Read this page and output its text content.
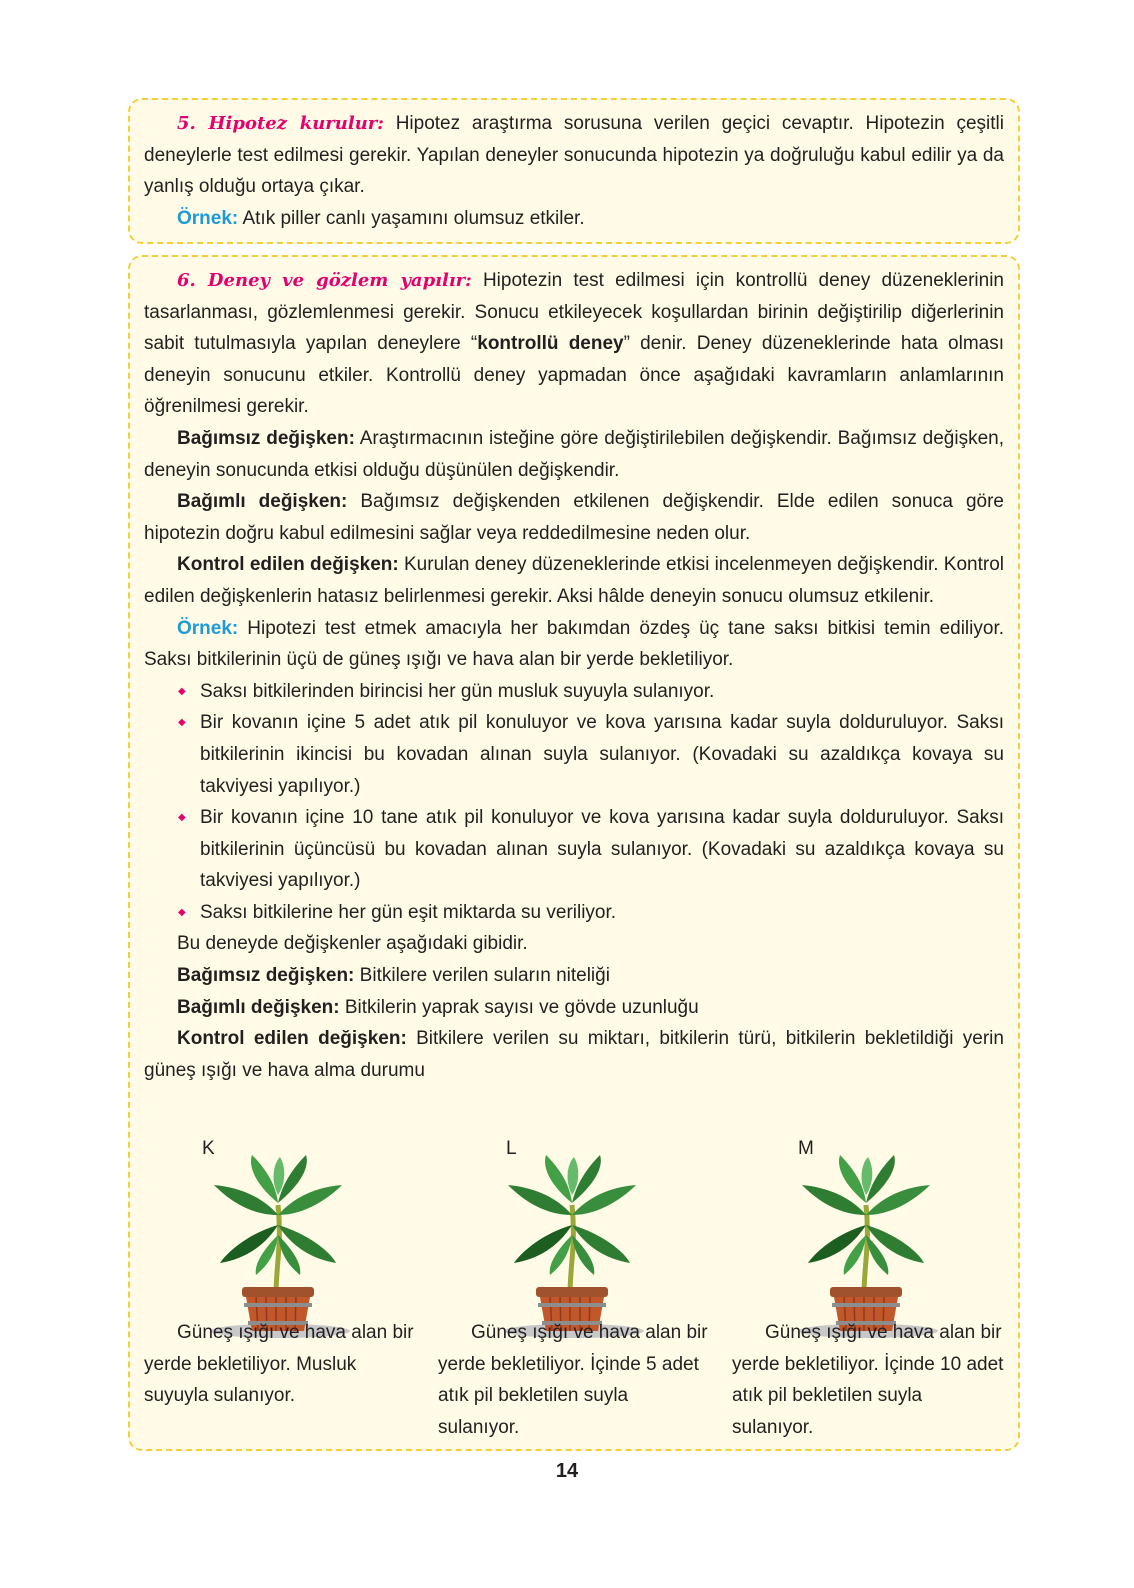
5. Hipotez kurulur: Hipotez araştırma sorusuna verilen geçici cevaptır. Hipotezin çeşitli deneylerle test edilmesi gerekir. Yapılan deneyler sonucunda hipotezin ya doğruluğu kabul edilir ya da yanlış olduğu ortaya çıkar.

Örnek: Atık piller canlı yaşamını olumsuz etkiler.

6. Deney ve gözlem yapılır: Hipotezin test edilmesi için kontrollü deney düzeneklerinin tasarlanması, gözlemlenmesi gerekir. Sonucu etkileyecek koşullardan birinin değiştirilip diğerlerinin sabit tutulmasıyla yapılan deneylere “kontrollü deney” denir. Deney düzeneklerinde hata olması deneyin sonucunu etkiler. Kontrollü deney yapmadan önce aşağıdaki kavramların anlamlarının öğrenilmesi gerekir.

Bağımsız değişken: Araştırmacının isteğine göre değiştirilebilen değişkendir. Bağımsız değişken, deneyin sonucunda etkisi olduğu düşünülen değişkendir.

Bağımlı değişken: Bağımsız değişkenden etkilenen değişkendir. Elde edilen sonuca göre hipotezin doğru kabul edilmesini sağlar veya reddedilmesine neden olur.

Kontrol edilen değişken: Kurulan deney düzeneklerinde etkisi incelenmeyen değişkendir. Kontrol edilen değişkenlerin hatasız belirlenmesi gerekir. Aksi hâlde deneyin sonucu olumsuz etkilenir.

Örnek: Hipotezi test etmek amacıyla her bakımdan özdeş üç tane saksı bitkisi temin ediliyor. Saksı bitkilerinin üçü de güneş ışığı ve hava alan bir yerde bekletiliyor.

◆ Saksı bitkilerinden birincisi her gün musluk suyuyla sulanıyor.
◆ Bir kovanın içine 5 adet atık pil konuluyor ve kova yarısına kadar suyla dolduruluyor. Saksı bitkilerinin ikincisi bu kovadan alınan suyla sulanıyor. (Kovadaki su azaldıkça kovaya su takviyesi yapılıyor.)
◆ Bir kovanın içine 10 tane atık pil konuluyor ve kova yarısına kadar suyla dolduruluyor. Saksı bitkilerinin üçüncüsü bu kovadan alınan suyla sulanıyor. (Kovadaki su azaldıkça kovaya su takviyesi yapılıyor.)
◆ Saksı bitkilerine her gün eşit miktarda su veriliyor.

Bu deneyde değişkenler aşağıdaki gibidir.

Bağımsız değişken: Bitkilere verilen suların niteliği

Bağımlı değişken: Bitkilerin yaprak sayısı ve gövde uzunluğu

Kontrol edilen değişken: Bitkilere verilen su miktarı, bitkilerin türü, bitkilerin bekletildiği yerin güneş ışığı ve hava alma durumu

K

Güneş ışığı ve hava alan bir yerde bekletiliyor. Musluk suyuyla sulanıyor.

L

Güneş ışığı ve hava alan bir yerde bekletiliyor. İçinde 5 adet atık pil bekletilen suyla sulanıyor.

M

Güneş ışığı ve hava alan bir yerde bekletiliyor. İçinde 10 adet atık pil bekletilen suyla sulanıyor.

14
